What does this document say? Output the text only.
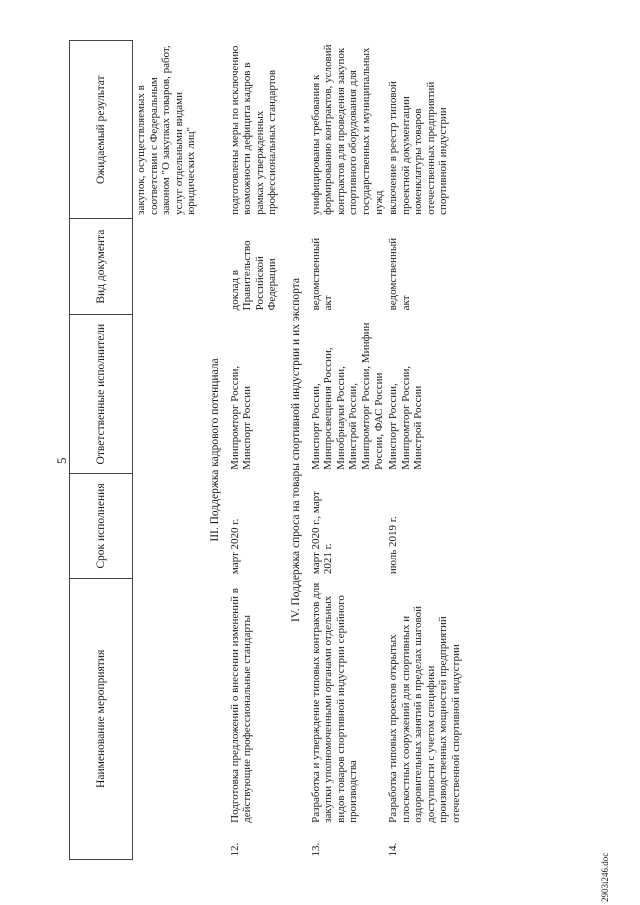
5
Наименование мероприятия		Срок исполнения	Ответственные исполнители	Вид документа	Ожидаемый результат
					закупок, осуществляемых в соответствии с Федеральным законом "О закупках товаров, работ, услуг отдельными видами юридических лиц"
III. Поддержка кадрового потенциала					
12.	Подготовка предложений о внесении изменений в действующие профессиональные стандарты	март 2020 г.	Минпромторг России, Минспорт России	доклад в Правительство Российской Федерации	подготовлены меры по исключению возможности дефицита кадров в рамках утвержденных профессиональных стандартов
IV. Поддержка спроса на товары спортивной индустрии и их экспорта					
13.	Разработка и утверждение типовых контрактов для закупки уполномоченными органами отдельных видов товаров спортивной индустрии серийного производства	март 2020 г., март 2021 г.	Минспорт России, Минпросвещения России, Минобрнауки России, Минстрой России, Минпромторг России, Минфин России, ФАС России	ведомственный акт	унифицированы требования к формированию контрактов, условий контрактов для проведения закупок спортивного оборудования для государственных и муниципальных нужд
14.	Разработка типовых проектов открытых плоскостных сооружений для спортивных и оздоровительных занятий в пределах шаговой доступности с учетом специфики производственных мощностей предприятий отечественной спортивной индустрии	июль 2019 г.	Минспорт России, Минпромторг России, Минстрой России	ведомственный акт	включение в реестр типовой проектной документации номенклатуры товаров отечественных предприятий спортивной индустрии
2903i246.doc
